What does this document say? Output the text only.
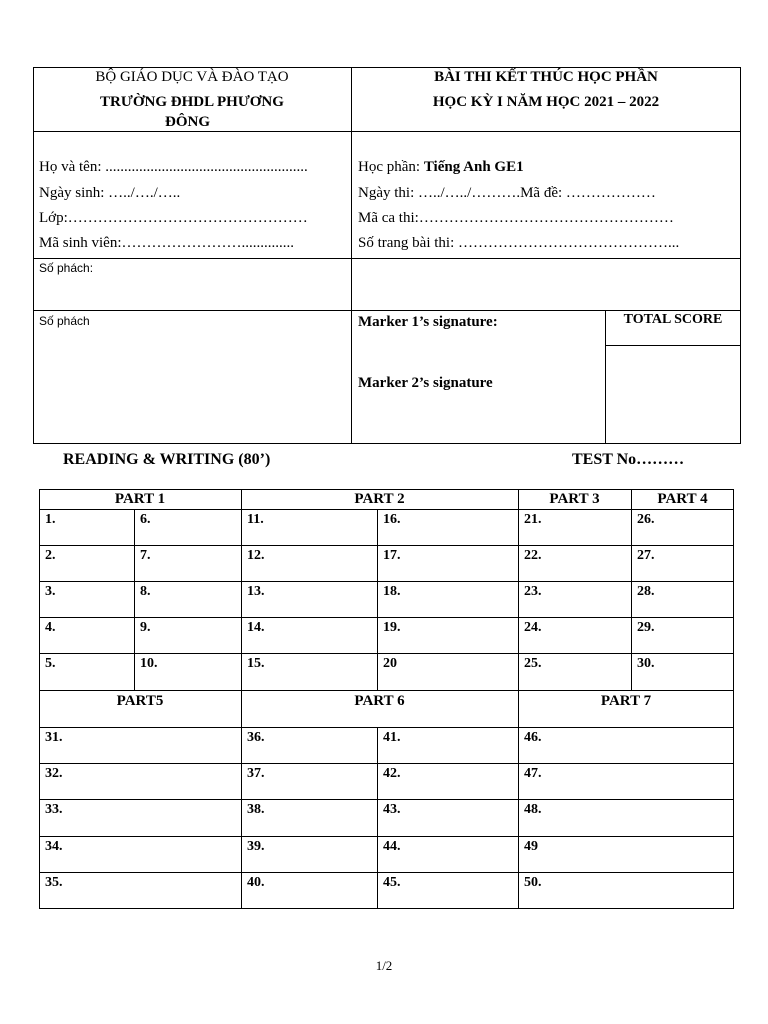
BỘ GIÁO DỤC VÀ ĐÀO TẠO
TRƯỜNG ĐHDL PHƯƠNG
ĐÔNG
BÀI THI KẾT THÚC HỌC PHẦN
HỌC KỲ I NĂM HỌC 2021 – 2022
Họ và tên: ......................................................
Ngày sinh: …../…./…..
Lớp:…………………………………………
Mã sinh viên:……………………..............
Học phần: Tiếng Anh GE1
Ngày thi: …../…../……….Mã đề: ………………
Mã ca thi:……………………………………………
Số trang bài thi: ……………………………………...
Số phách:
Số phách	Marker 1’s signature:
Marker 2’s signature
TOTAL SCORE
READING & WRITING (80’)	TEST No………
PART 1	PART 2	PART 3	PART 4
1.	6.	11.	16.	21.	26.
2.	7.	12.	17.	22.	27.
3.	8.	13.	18.	23.	28.
4.	9.	14.	19.	24.	29.
5.	10.	15.	20	25.	30.
PART5	PART 6	PART 7
31.	36.	41.	46.
32.	37.	42.	47.
33.	38.	43.	48.
34.	39.	44.	49
35.	40.	45.	50.
1/2
